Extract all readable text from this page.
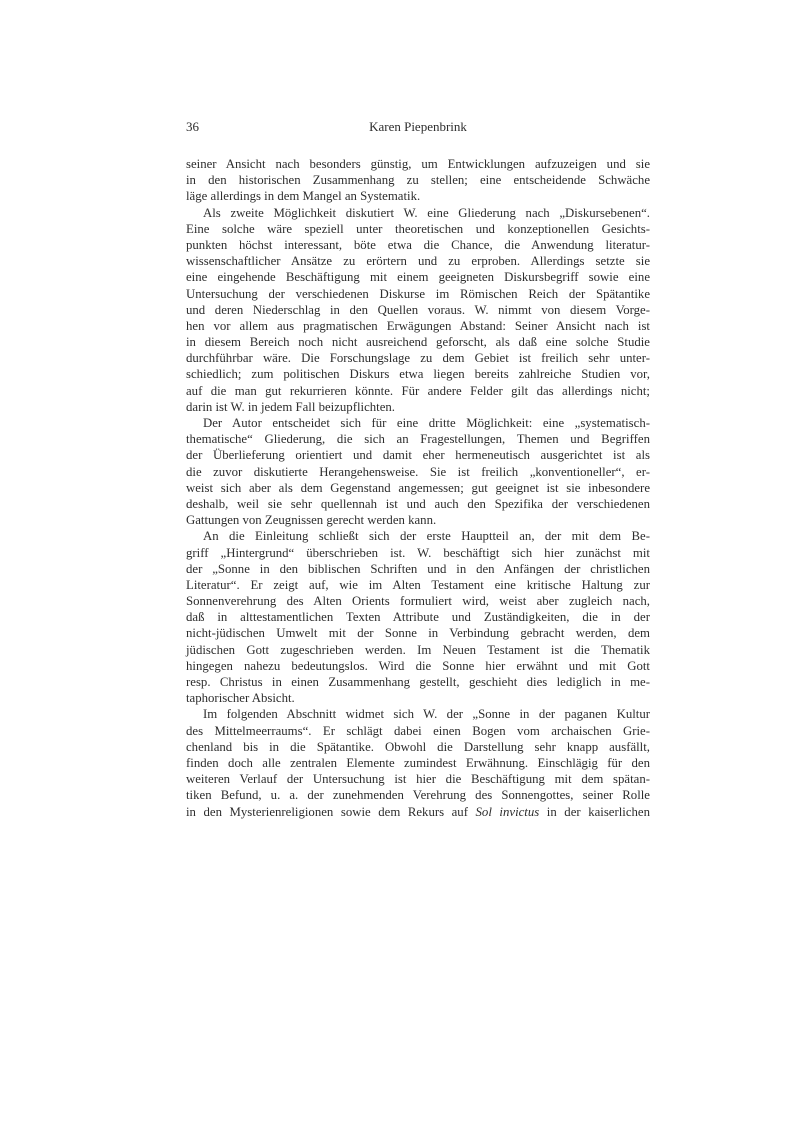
36	Karen Piepenbrink
seiner Ansicht nach besonders günstig, um Entwicklungen aufzuzeigen und sie
in den historischen Zusammenhang zu stellen; eine entscheidende Schwäche
läge allerdings in dem Mangel an Systematik.
Als zweite Möglichkeit diskutiert W. eine Gliederung nach „Diskursebenen“.
Eine solche wäre speziell unter theoretischen und konzeptionellen Gesichts-
punkten höchst interessant, böte etwa die Chance, die Anwendung literatur-
wissenschaftlicher Ansätze zu erörtern und zu erproben. Allerdings setzte sie
eine eingehende Beschäftigung mit einem geeigneten Diskursbegriff sowie eine
Untersuchung der verschiedenen Diskurse im Römischen Reich der Spätantike
und deren Niederschlag in den Quellen voraus. W. nimmt von diesem Vorge-
hen vor allem aus pragmatischen Erwägungen Abstand: Seiner Ansicht nach ist
in diesem Bereich noch nicht ausreichend geforscht, als daß eine solche Studie
durchführbar wäre. Die Forschungslage zu dem Gebiet ist freilich sehr unter-
schiedlich; zum politischen Diskurs etwa liegen bereits zahlreiche Studien vor,
auf die man gut rekurrieren könnte. Für andere Felder gilt das allerdings nicht;
darin ist W. in jedem Fall beizupflichten.
Der Autor entscheidet sich für eine dritte Möglichkeit: eine „systematisch-
thematische“ Gliederung, die sich an Fragestellungen, Themen und Begriffen
der Überlieferung orientiert und damit eher hermeneutisch ausgerichtet ist als
die zuvor diskutierte Herangehensweise. Sie ist freilich „konventioneller“, er-
weist sich aber als dem Gegenstand angemessen; gut geeignet ist sie inbesondere
deshalb, weil sie sehr quellennah ist und auch den Spezifika der verschiedenen
Gattungen von Zeugnissen gerecht werden kann.
An die Einleitung schließt sich der erste Hauptteil an, der mit dem Be-
griff „Hintergrund“ überschrieben ist. W. beschäftigt sich hier zunächst mit
der „Sonne in den biblischen Schriften und in den Anfängen der christlichen
Literatur“. Er zeigt auf, wie im Alten Testament eine kritische Haltung zur
Sonnenverehrung des Alten Orients formuliert wird, weist aber zugleich nach,
daß in alttestamentlichen Texten Attribute und Zuständigkeiten, die in der
nicht-jüdischen Umwelt mit der Sonne in Verbindung gebracht werden, dem
jüdischen Gott zugeschrieben werden. Im Neuen Testament ist die Thematik
hingegen nahezu bedeutungslos. Wird die Sonne hier erwähnt und mit Gott
resp. Christus in einen Zusammenhang gestellt, geschieht dies lediglich in me-
taphorischer Absicht.
Im folgenden Abschnitt widmet sich W. der „Sonne in der paganen Kultur
des Mittelmeerraums“. Er schlägt dabei einen Bogen vom archaischen Grie-
chenland bis in die Spätantike. Obwohl die Darstellung sehr knapp ausfällt,
finden doch alle zentralen Elemente zumindest Erwähnung. Einschlägig für den
weiteren Verlauf der Untersuchung ist hier die Beschäftigung mit dem spätan-
tiken Befund, u. a. der zunehmenden Verehrung des Sonnengottes, seiner Rolle
in den Mysterienreligionen sowie dem Rekurs auf Sol invictus in der kaiserlichen
